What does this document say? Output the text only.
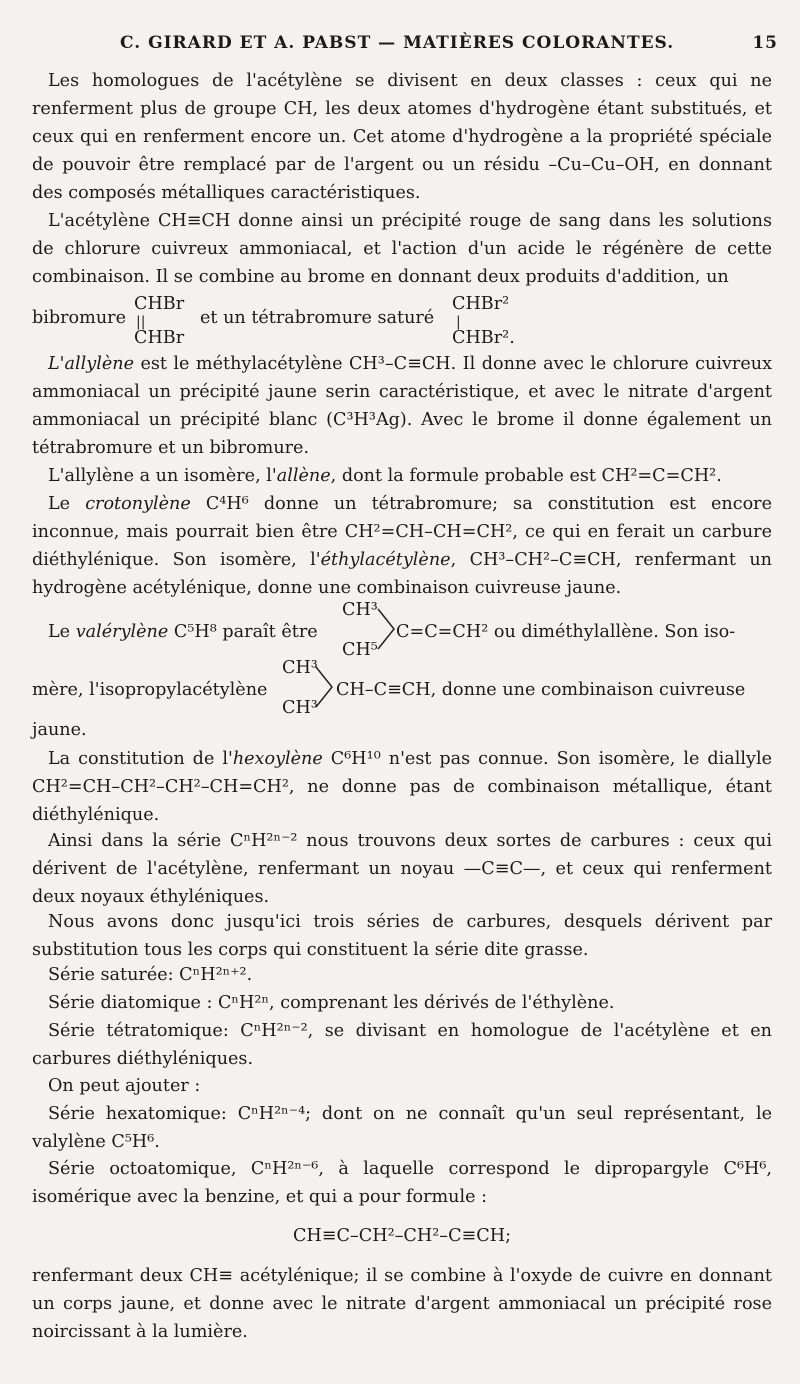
C. GIRARD ET A. PABST — MATIÈRES COLORANTES.	15
Les homologues de l'acétylène se divisent en deux classes : ceux qui ne renferment plus de groupe CH, les deux atomes d'hydrogène étant substitués, et ceux qui en renferment encore un. Cet atome d'hydrogène a la propriété spéciale de pouvoir être remplacé par de l'argent ou un résidu –Cu–Cu–OH, en donnant des composés métalliques caractéristiques.
L'acétylène CH≡CH donne ainsi un précipité rouge de sang dans les solutions de chlorure cuivreux ammoniacal, et l'action d'un acide le régénère de cette combinaison. Il se combine au brome en donnant deux produits d'addition, un
bibromure
CHBr
||
CHBr
et un tétrabromure saturé
CHBr²
|
CHBr².
L'allylène est le méthylacétylène CH³–C≡CH. Il donne avec le chlorure cuivreux ammoniacal un précipité jaune serin caractéristique, et avec le nitrate d'argent ammoniacal un précipité blanc (C³H³Ag). Avec le brome il donne également un tétrabromure et un bibromure.
L'allylène a un isomère, l'allène, dont la formule probable est CH²=C=CH².
Le crotonylène C⁴H⁶ donne un tétrabromure; sa constitution est encore inconnue, mais pourrait bien être CH²=CH–CH=CH², ce qui en ferait un carbure diéthylénique. Son isomère, l'éthylacétylène, CH³–CH²–C≡CH, renfermant un hydrogène acétylénique, donne une combinaison cuivreuse jaune.
Le valérylène C⁵H⁸ paraît être
CH³
CH⁵
C=C=CH² ou diméthylallène. Son iso-
mère, l'isopropylacétylène
CH³
CH³
CH–C≡CH, donne une combinaison cuivreuse
jaune.
La constitution de l'hexoylène C⁶H¹⁰ n'est pas connue. Son isomère, le diallyle CH²=CH–CH²–CH²–CH=CH², ne donne pas de combinaison métallique, étant diéthylénique.
Ainsi dans la série CⁿH²ⁿ⁻² nous trouvons deux sortes de carbures : ceux qui dérivent de l'acétylène, renfermant un noyau —C≡C—, et ceux qui renferment deux noyaux éthyléniques.
Nous avons donc jusqu'ici trois séries de carbures, desquels dérivent par substitution tous les corps qui constituent la série dite grasse.
Série saturée: CⁿH²ⁿ⁺².
Série diatomique : CⁿH²ⁿ, comprenant les dérivés de l'éthylène.
Série tétratomique: CⁿH²ⁿ⁻², se divisant en homologue de l'acétylène et en carbures diéthyléniques.
On peut ajouter :
Série hexatomique: CⁿH²ⁿ⁻⁴; dont on ne connaît qu'un seul représentant, le valylène C⁵H⁶.
Série octoatomique, CⁿH²ⁿ⁻⁶, à laquelle correspond le dipropargyle C⁶H⁶, isomérique avec la benzine, et qui a pour formule :
CH≡C–CH²–CH²–C≡CH;
renfermant deux CH≡ acétylénique; il se combine à l'oxyde de cuivre en donnant un corps jaune, et donne avec le nitrate d'argent ammoniacal un précipité rose noircissant à la lumière.
